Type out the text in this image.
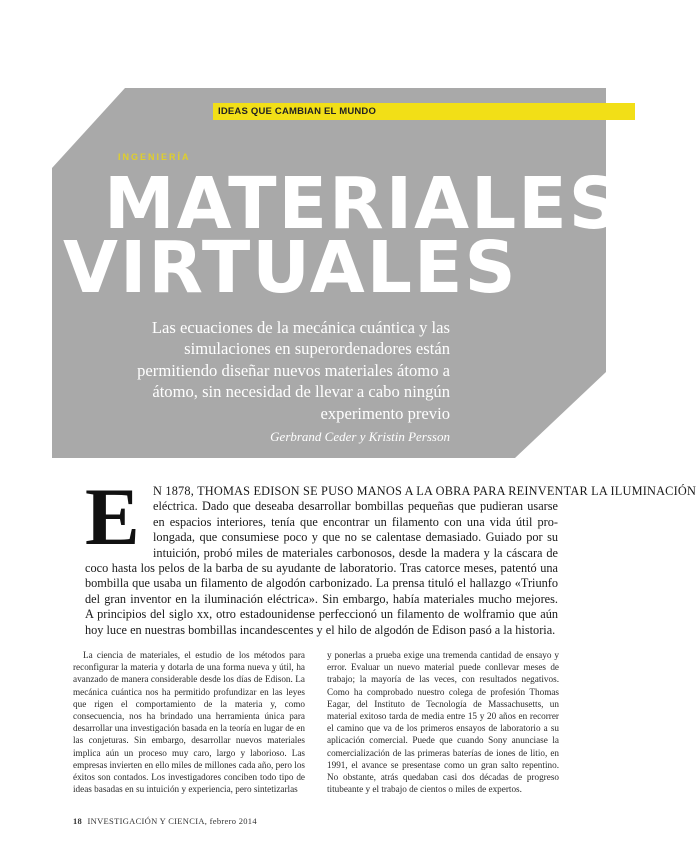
IDEAS QUE CAMBIAN EL MUNDO
INGENIERÍA
MATERIALES
VIRTUALES
Las ecuaciones de la mecánica cuántica y las simulaciones en superordenadores están permitiendo diseñar nuevos materiales átomo a átomo, sin necesidad de llevar a cabo ningún experimento previo
Gerbrand Ceder y Kristin Persson
E N 1878, THOMAS EDISON SE PUSO MANOS A LA OBRA PARA REINVENTAR LA ILUMINACIÓN
eléctrica. Dado que deseaba desarrollar bombillas pequeñas que pudieran usarse
en espacios interiores, tenía que encontrar un filamento con una vida útil pro-
longada, que consumiese poco y que no se calentase demasiado. Guiado por su
intuición, probó miles de materiales carbonosos, desde la madera y la cáscara de
coco hasta los pelos de la barba de su ayudante de laboratorio. Tras catorce meses, patentó una
bombilla que usaba un filamento de algodón carbonizado. La prensa tituló el hallazgo «Triunfo
del gran inventor en la iluminación eléctrica». Sin embargo, había materiales mucho mejores.
A principios del siglo xx, otro estadounidense perfeccionó un filamento de wolframio que aún
hoy luce en nuestras bombillas incandescentes y el hilo de algodón de Edison pasó a la historia.

La ciencia de materiales, el estudio de los métodos para reconfigurar la materia y dotarla de una forma nueva y útil, ha avanzado de manera considerable desde los días de Edison. La mecánica cuántica nos ha permitido profundizar en las leyes que rigen el comportamiento de la materia y, como consecuencia, nos ha brindado una herramienta única para desarrollar una investigación basada en la teoría en lugar de en las conjeturas. Sin embargo, desarrollar nuevos materiales implica aún un proceso muy caro, largo y laborioso. Las empresas invierten en ello miles de millones cada año, pero los éxitos son contados. Los investigadores conciben todo tipo de ideas basadas en su intuición y experiencia, pero sintetizarlas

y ponerlas a prueba exige una tremenda cantidad de ensayo y error. Evaluar un nuevo material puede conllevar meses de trabajo; la mayoría de las veces, con resultados negativos. Como ha comprobado nuestro colega de profesión Thomas Eagar, del Instituto de Tecnología de Massachusetts, un material exitoso tarda de media entre 15 y 20 años en recorrer el camino que va de los primeros ensayos de laboratorio a su aplicación comercial. Puede que cuando Sony anunciase la comercialización de las primeras baterías de iones de litio, en 1991, el avance se presentase como un gran salto repentino. No obstante, atrás quedaban casi dos décadas de progreso titubeante y el trabajo de cientos o miles de expertos.

18 INVESTIGACIÓN Y CIENCIA, febrero 2014
